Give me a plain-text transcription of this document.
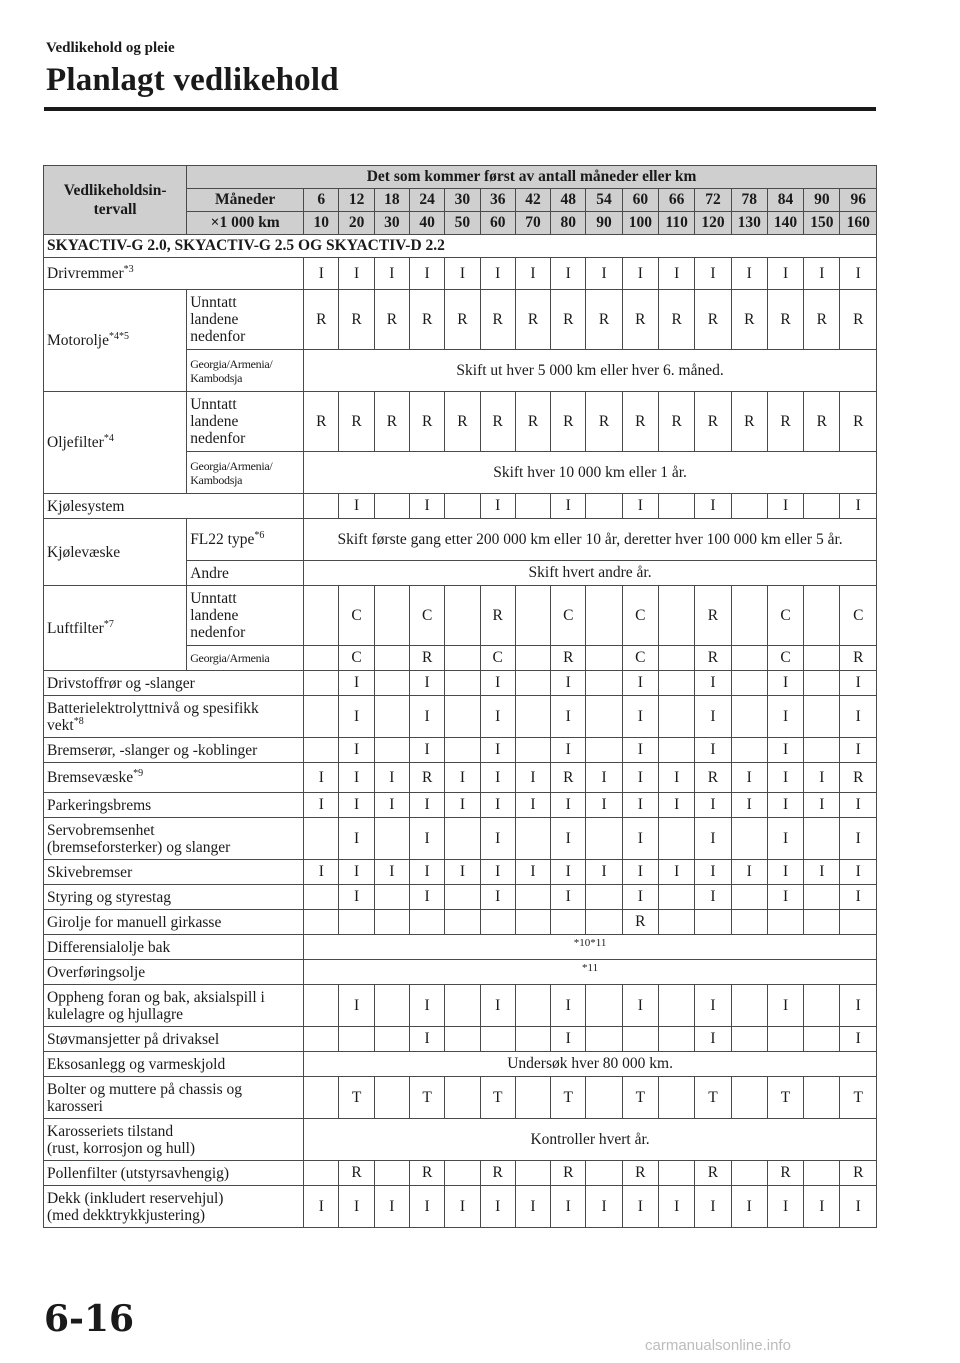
Vedlikehold og pleie
Planlagt vedlikehold
Vedlikeholdsin-
tervall	Det som kommer først av antall måneder eller km																
	Måneder	6	12	18	24	30	36	42	48	54	60	66	72	78	84	90	96
	×1 000 km	10	20	30	40	50	60	70	80	90	100	110	120	130	140	150	160
SKYACTIV-G 2.0, SKYACTIV-G 2.5 OG SKYACTIV-D 2.2																	
Drivremmer$^{*3}$		I	I	I	I	I	I	I	I	I	I	I	I	I	I	I	I
Motorolje$^{*4*5}$	Unntatt
landene
nedenfor	R	R	R	R	R	R	R	R	R	R	R	R	R	R	R	R
	Georgia/Armenia/
Kambodsja	Skift ut hver 5 000 km eller hver 6. måned.															
Oljefilter$^{*4}$	Unntatt
landene
nedenfor	R	R	R	R	R	R	R	R	R	R	R	R	R	R	R	R
	Georgia/Armenia/
Kambodsja	Skift hver 10 000 km eller 1 år.															
Kjølesystem			I		I		I		I		I		I		I		I
Kjølevæske	FL22 type$^{*6}$	Skift første gang etter 200 000 km eller 10 år, deretter hver 100 000 km eller 5 år.															
	Andre	Skift hvert andre år.															
Luftfilter$^{*7}$	Unntatt
landene
nedenfor		C		C		R		C		C		R		C		C
	Georgia/Armenia		C		R		C		R		C		R		C		R
Drivstoffrør og -slanger			I		I		I		I		I		I		I		I
Batterielektrolyttnivå og spesifikk
vekt$^{*8}$			I		I		I		I		I		I		I		I
Bremserør, -slanger og -koblinger			I		I		I		I		I		I		I		I
Bremsevæske$^{*9}$		I	I	I	R	I	I	I	R	I	I	I	R	I	I	I	R
Parkeringsbrems		I	I	I	I	I	I	I	I	I	I	I	I	I	I	I	I
Servobremsenhet
(bremseforsterker) og slanger			I		I		I		I		I		I		I		I
Skivebremser		I	I	I	I	I	I	I	I	I	I	I	I	I	I	I	I
Styring og styrestag			I		I		I		I		I		I		I		I
Girolje for manuell girkasse											R						
Differensialolje bak		*10*11															
Overføringsolje		*11															
Oppheng foran og bak, aksialspill i
kulelagre og hjullagre			I		I		I		I		I		I		I		I
Støvmansjetter på drivaksel					I				I				I				I
Eksosanlegg og varmeskjold		Undersøk hver 80 000 km.															
Bolter og muttere på chassis og
karosseri			T		T		T		T		T		T		T		T
Karosseriets tilstand
(rust, korrosjon og hull)		Kontroller hvert år.															
Pollenfilter (utstyrsavhengig)			R		R		R		R		R		R		R		R
Dekk (inkludert reservehjul)
(med dekktrykkjustering)		I	I	I	I	I	I	I	I	I	I	I	I	I	I	I	I
6-16
carmanualsonline.info
